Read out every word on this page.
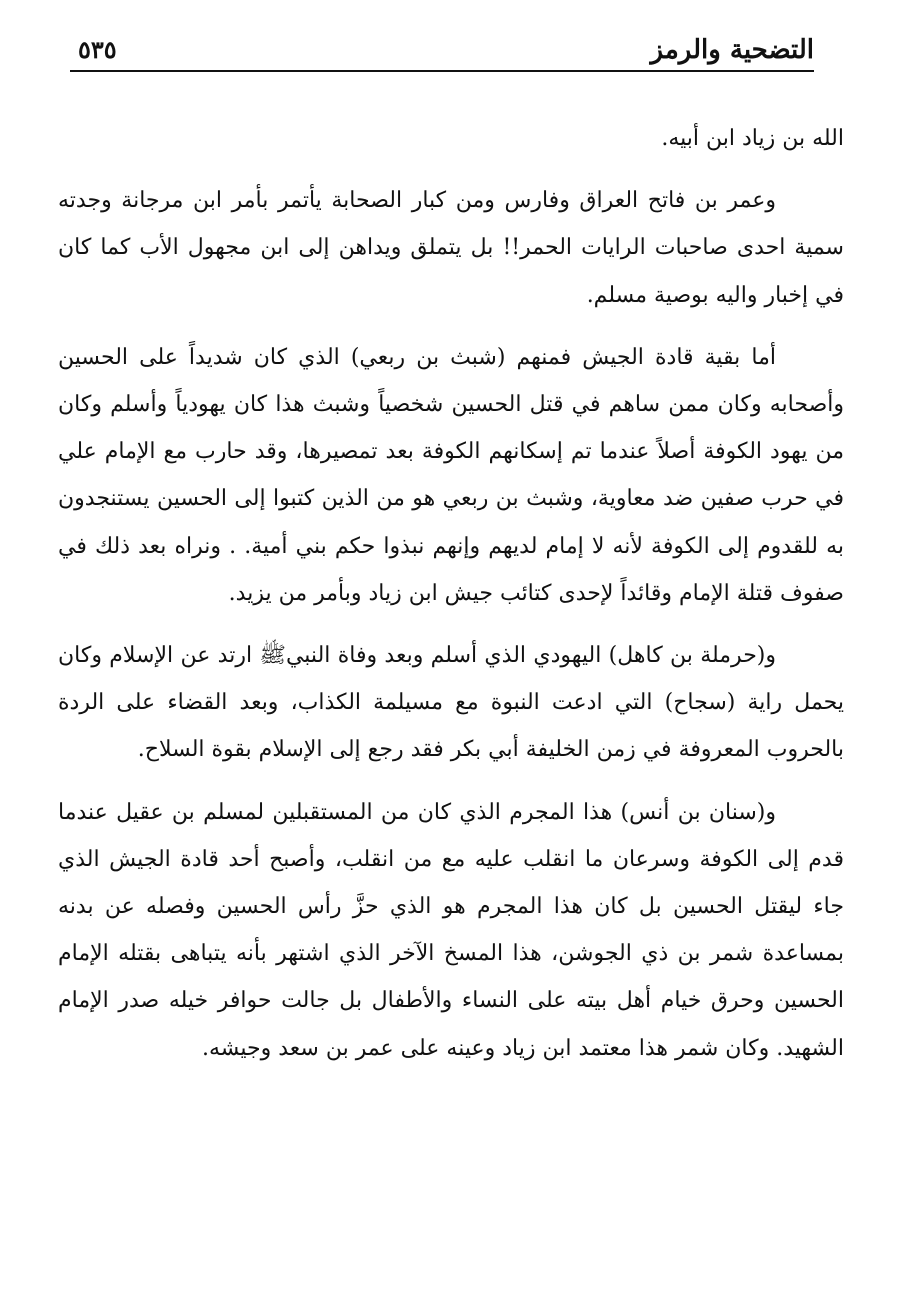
التضحية والرمز
٥٣٥

الله بن زياد ابن أبيه.

وعمر بن فاتح العراق وفارس ومن كبار الصحابة يأتمر بأمر ابن مرجانة وجدته سمية احدى صاحبات الرايات الحمر!! بل يتملق ويداهن إلى ابن مجهول الأب كما كان في إخبار واليه بوصية مسلم.

أما بقية قادة الجيش فمنهم (شبث بن ربعي) الذي كان شديداً على الحسين وأصحابه وكان ممن ساهم في قتل الحسين شخصياً وشبث هذا كان يهودياً وأسلم وكان من يهود الكوفة أصلاً عندما تم إسكانهم الكوفة بعد تمصيرها، وقد حارب مع الإمام علي في حرب صفين ضد معاوية، وشبث بن ربعي هو من الذين كتبوا إلى الحسين يستنجدون به للقدوم إلى الكوفة لأنه لا إمام لديهم وإنهم نبذوا حكم بني أمية. . ونراه بعد ذلك في صفوف قتلة الإمام وقائداً لإحدى كتائب جيش ابن زياد وبأمر من يزيد.

و(حرملة بن كاهل) اليهودي الذي أسلم وبعد وفاة النبيﷺ ارتد عن الإسلام وكان يحمل راية (سجاح) التي ادعت النبوة مع مسيلمة الكذاب، وبعد القضاء على الردة بالحروب المعروفة في زمن الخليفة أبي بكر فقد رجع إلى الإسلام بقوة السلاح.

و(سنان بن أنس) هذا المجرم الذي كان من المستقبلين لمسلم بن عقيل عندما قدم إلى الكوفة وسرعان ما انقلب عليه مع من انقلب، وأصبح أحد قادة الجيش الذي جاء ليقتل الحسين بل كان هذا المجرم هو الذي حزَّ رأس الحسين وفصله عن بدنه بمساعدة شمر بن ذي الجوشن، هذا المسخ الآخر الذي اشتهر بأنه يتباهى بقتله الإمام الحسين وحرق خيام أهل بيته على النساء والأطفال بل جالت حوافر خيله صدر الإمام الشهيد. وكان شمر هذا معتمد ابن زياد وعينه على عمر بن سعد وجيشه.
